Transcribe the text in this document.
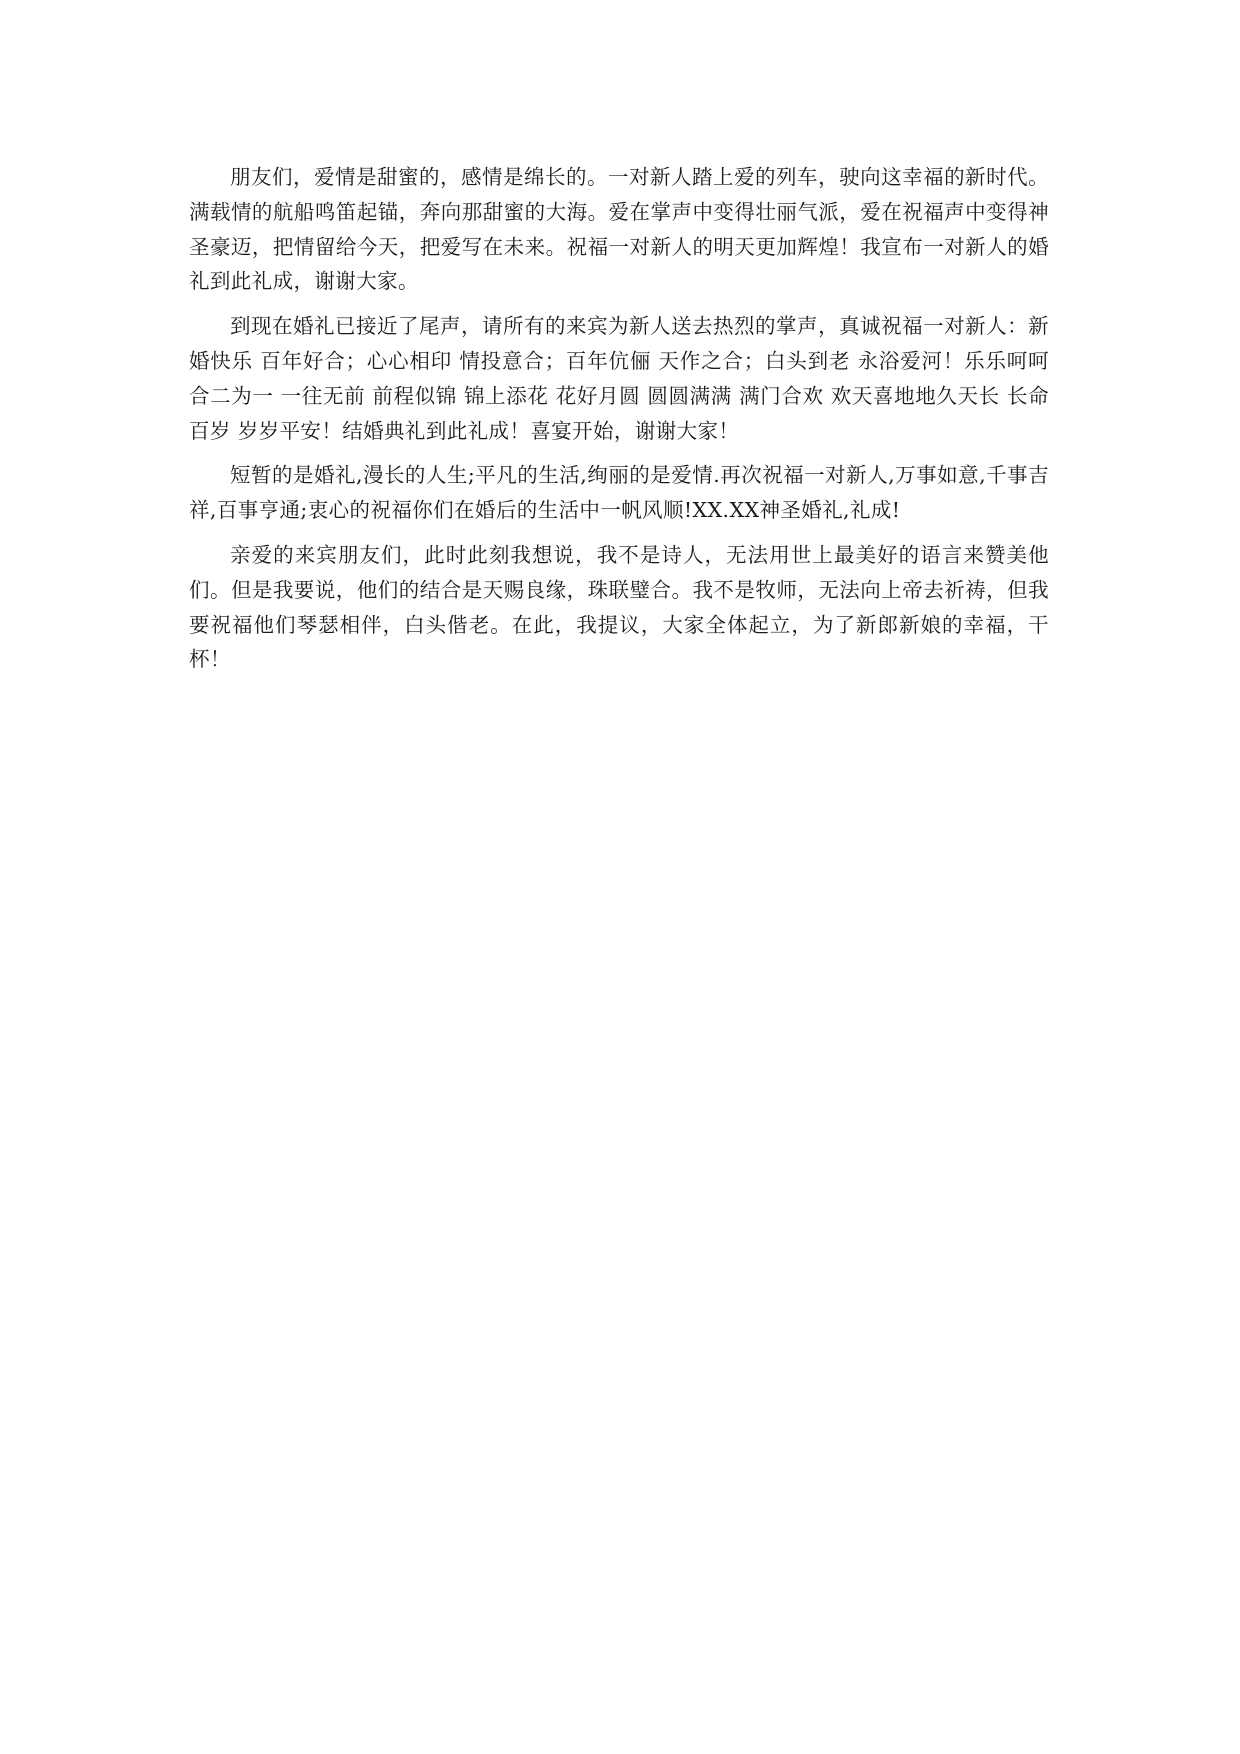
朋友们，爱情是甜蜜的，感情是绵长的。一对新人踏上爱的列车，驶向这幸福的新时代。满载情的航船鸣笛起锚，奔向那甜蜜的大海。爱在掌声中变得壮丽气派，爱在祝福声中变得神圣豪迈，把情留给今天，把爱写在未来。祝福一对新人的明天更加辉煌！我宣布一对新人的婚礼到此礼成，谢谢大家。

到现在婚礼已接近了尾声，请所有的来宾为新人送去热烈的掌声，真诚祝福一对新人：新婚快乐 百年好合；心心相印 情投意合；百年伉俪 天作之合；白头到老 永浴爱河！乐乐呵呵 合二为一 一往无前 前程似锦 锦上添花 花好月圆 圆圆满满 满门合欢 欢天喜地地久天长 长命百岁 岁岁平安！结婚典礼到此礼成！喜宴开始，谢谢大家！

短暂的是婚礼,漫长的人生;平凡的生活,绚丽的是爱情.再次祝福一对新人,万事如意,千事吉祥,百事亨通;衷心的祝福你们在婚后的生活中一帆风顺!XX.XX神圣婚礼,礼成!

亲爱的来宾朋友们，此时此刻我想说，我不是诗人，无法用世上最美好的语言来赞美他们。但是我要说，他们的结合是天赐良缘，珠联璧合。我不是牧师，无法向上帝去祈祷，但我要祝福他们琴瑟相伴，白头偕老。在此，我提议，大家全体起立，为了新郎新娘的幸福，干杯！
